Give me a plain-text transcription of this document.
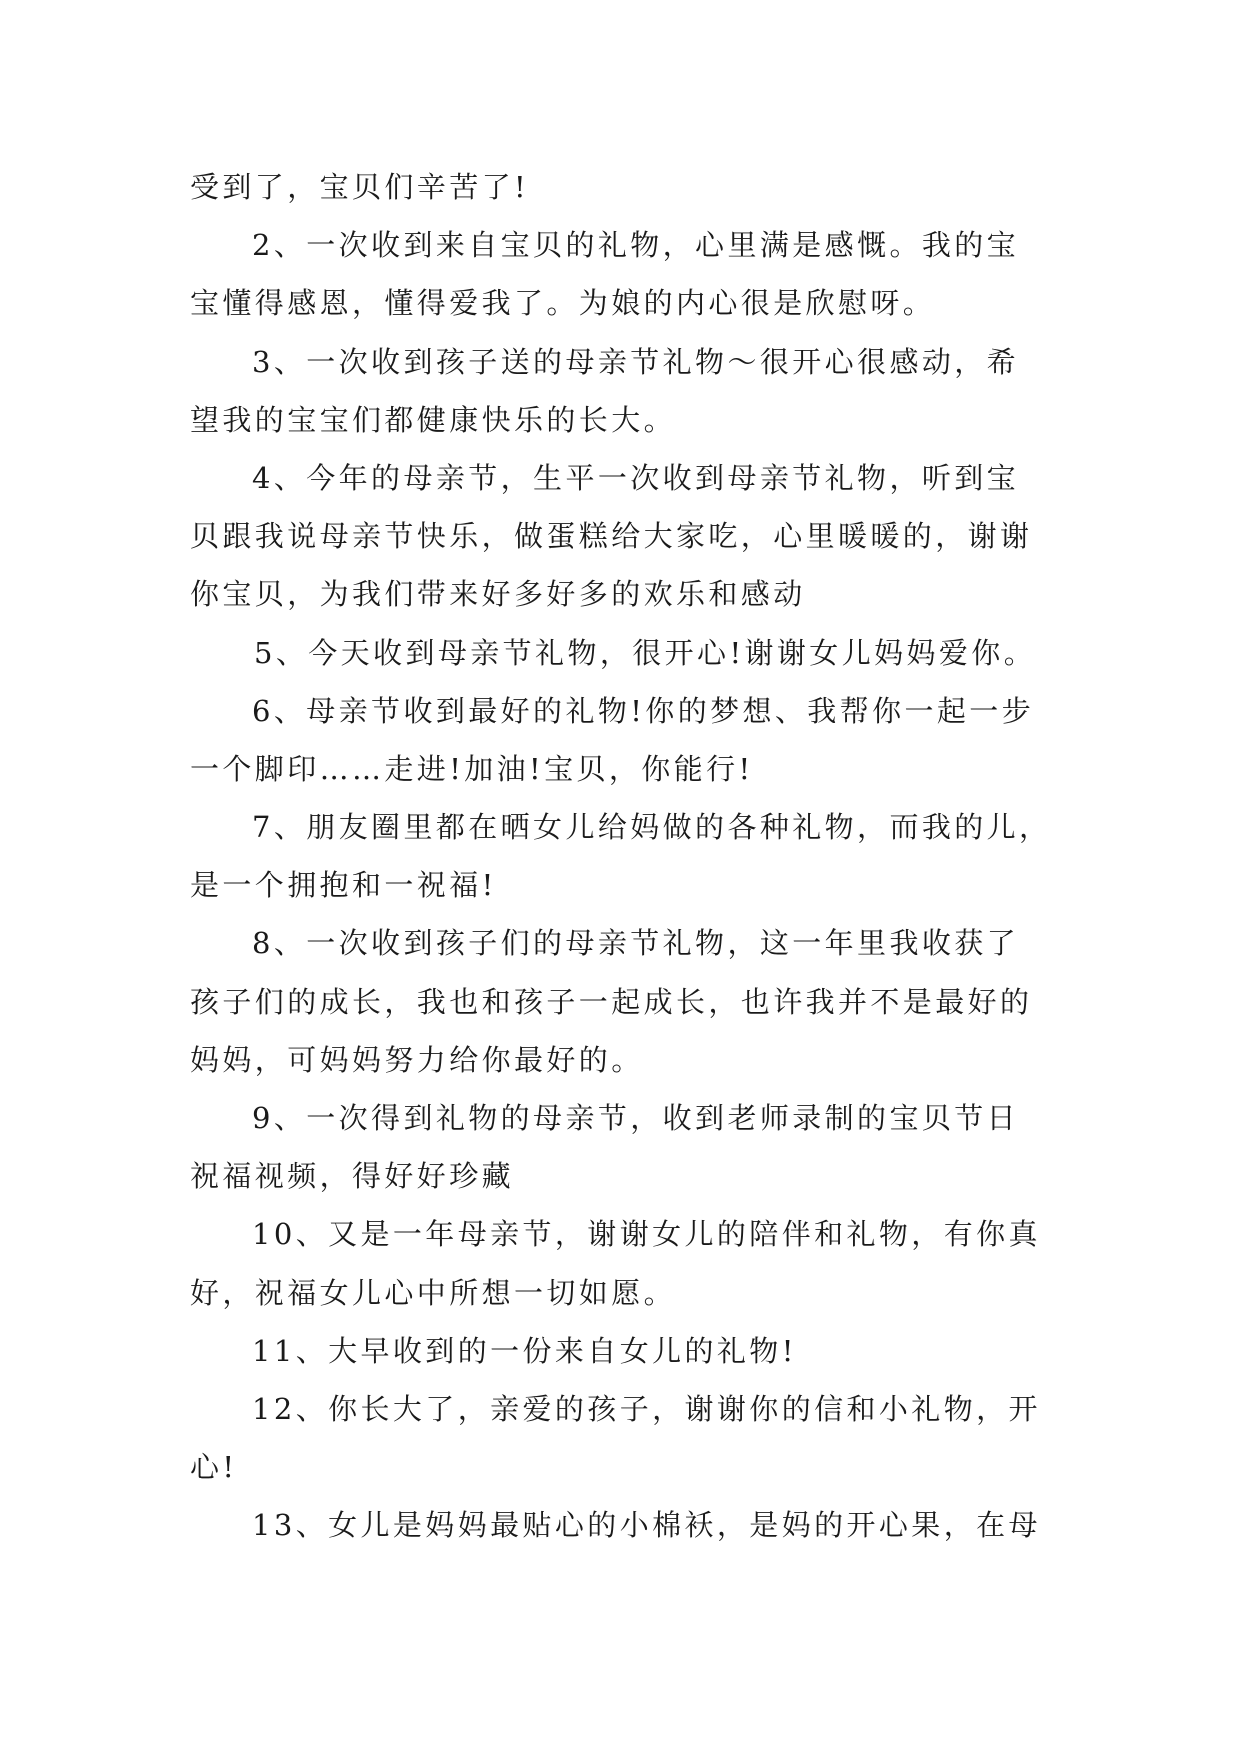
受到了，宝贝们辛苦了!
2、一次收到来自宝贝的礼物，心里满是感慨。我的宝
宝懂得感恩，懂得爱我了。为娘的内心很是欣慰呀。
3、一次收到孩子送的母亲节礼物～很开心很感动，希
望我的宝宝们都健康快乐的长大。
4、今年的母亲节，生平一次收到母亲节礼物，听到宝
贝跟我说母亲节快乐，做蛋糕给大家吃，心里暖暖的，谢谢
你宝贝，为我们带来好多好多的欢乐和感动
5、今天收到母亲节礼物，很开心!谢谢女儿妈妈爱你。
6、母亲节收到最好的礼物!你的梦想、我帮你一起一步
一个脚印……走进!加油!宝贝，你能行!
7、朋友圈里都在晒女儿给妈做的各种礼物，而我的儿，
是一个拥抱和一祝福!
8、一次收到孩子们的母亲节礼物，这一年里我收获了
孩子们的成长，我也和孩子一起成长，也许我并不是最好的
妈妈，可妈妈努力给你最好的。
9、一次得到礼物的母亲节，收到老师录制的宝贝节日
祝福视频，得好好珍藏
10、又是一年母亲节，谢谢女儿的陪伴和礼物，有你真
好，祝福女儿心中所想一切如愿。
11、大早收到的一份来自女儿的礼物!
12、你长大了，亲爱的孩子，谢谢你的信和小礼物，开
心!
13、女儿是妈妈最贴心的小棉袄，是妈的开心果，在母
